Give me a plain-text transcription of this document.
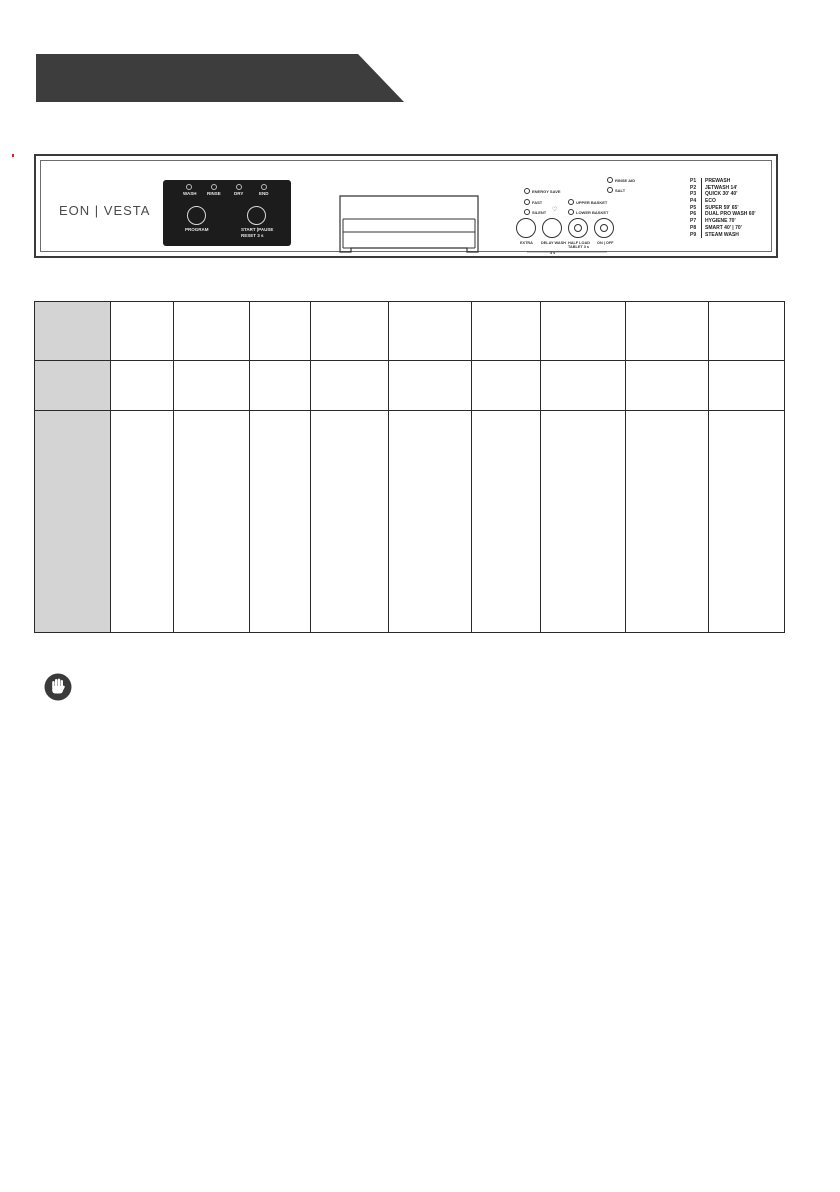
EON | VESTA
WASH RINSE	DRY	END
PROGRAM	START |PAUSE
RESET 3 s
RINSE AID
SALT
ENERGY SAVE
FAST
SILENT ♡
UPPER BASKET
LOWER BASKET
EXTRA DELAY WASH HALF LOAD
TABLET 3 s
ON | OFF
3 s
P1	PREWASH
P2	JETWASH 14'
P3	QUICK 30' 40'
P4	ECO
P5	SUPER 59' 65'
P6	DUAL PRO WASH 60'
P7	HYGIENE 70'
P8	SMART 40' | 70'
P9	STEAM WASH
